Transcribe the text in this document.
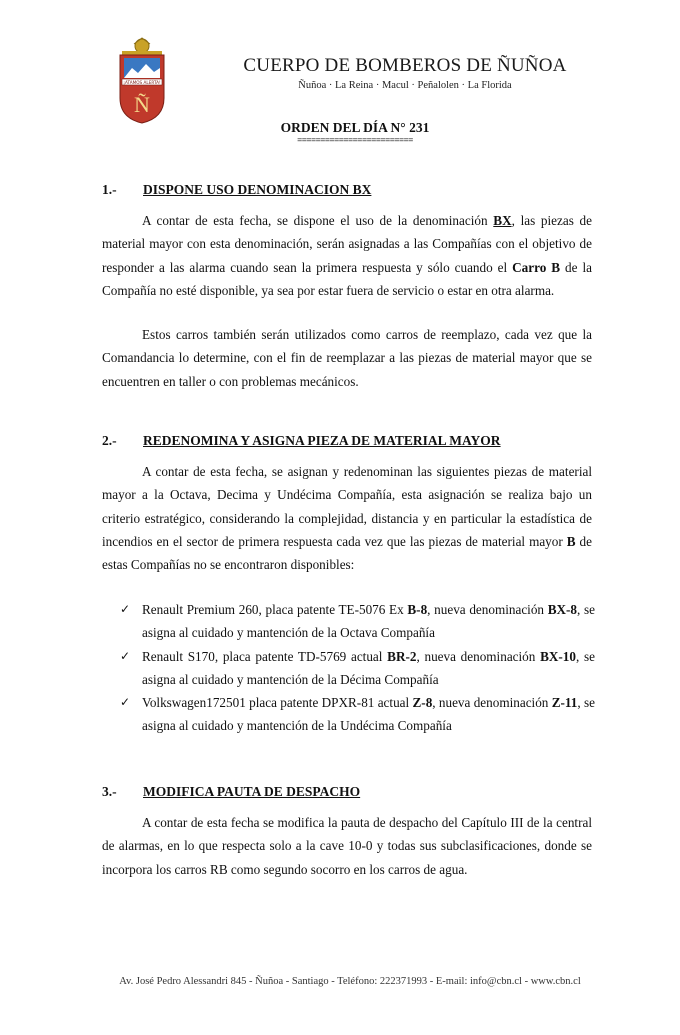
¡ATAMOS ALERTA!
Ñ
CUERPO DE BOMBEROS DE ÑUÑOA
Ñuñoa · La Reina · Macul · Peñalolen · La Florida
ORDEN DEL DÍA N° 231
=========================
1.- DISPONE USO DENOMINACION BX
A contar de esta fecha, se dispone el uso de la denominación BX, las piezas de material mayor con esta denominación, serán asignadas a las Compañías con el objetivo de responder a las alarma cuando sean la primera respuesta y sólo cuando el Carro B de la Compañía no esté disponible, ya sea por estar fuera de servicio o estar en otra alarma.
Estos carros también serán utilizados como carros de reemplazo, cada vez que la Comandancia lo determine, con el fin de reemplazar a las piezas de material mayor que se encuentren en taller o con problemas mecánicos.
2.- REDENOMINA Y ASIGNA PIEZA DE MATERIAL MAYOR
A contar de esta fecha, se asignan y redenominan las siguientes piezas de material mayor a la Octava, Decima y Undécima Compañía, esta asignación se realiza bajo un criterio estratégico, considerando la complejidad, distancia y en particular la estadística de incendios en el sector de primera respuesta cada vez que las piezas de material mayor B de estas Compañías no se encontraron disponibles:
✓ Renault Premium 260, placa patente TE-5076 Ex B-8, nueva denominación BX-8, se asigna al cuidado y mantención de la Octava Compañía
✓ Renault S170, placa patente TD-5769 actual BR-2, nueva denominación BX-10, se asigna al cuidado y mantención de la Décima Compañía
✓ Volkswagen172501 placa patente DPXR-81 actual Z-8, nueva denominación Z-11, se asigna al cuidado y mantención de la Undécima Compañía
3.- MODIFICA PAUTA DE DESPACHO
A contar de esta fecha se modifica la pauta de despacho del Capítulo III de la central de alarmas, en lo que respecta solo a la cave 10-0 y todas sus subclasificaciones, donde se incorpora los carros RB como segundo socorro en los carros de agua.
Av. José Pedro Alessandri 845 - Ñuñoa - Santiago - Teléfono: 222371993 - E-mail: info@cbn.cl - www.cbn.cl
